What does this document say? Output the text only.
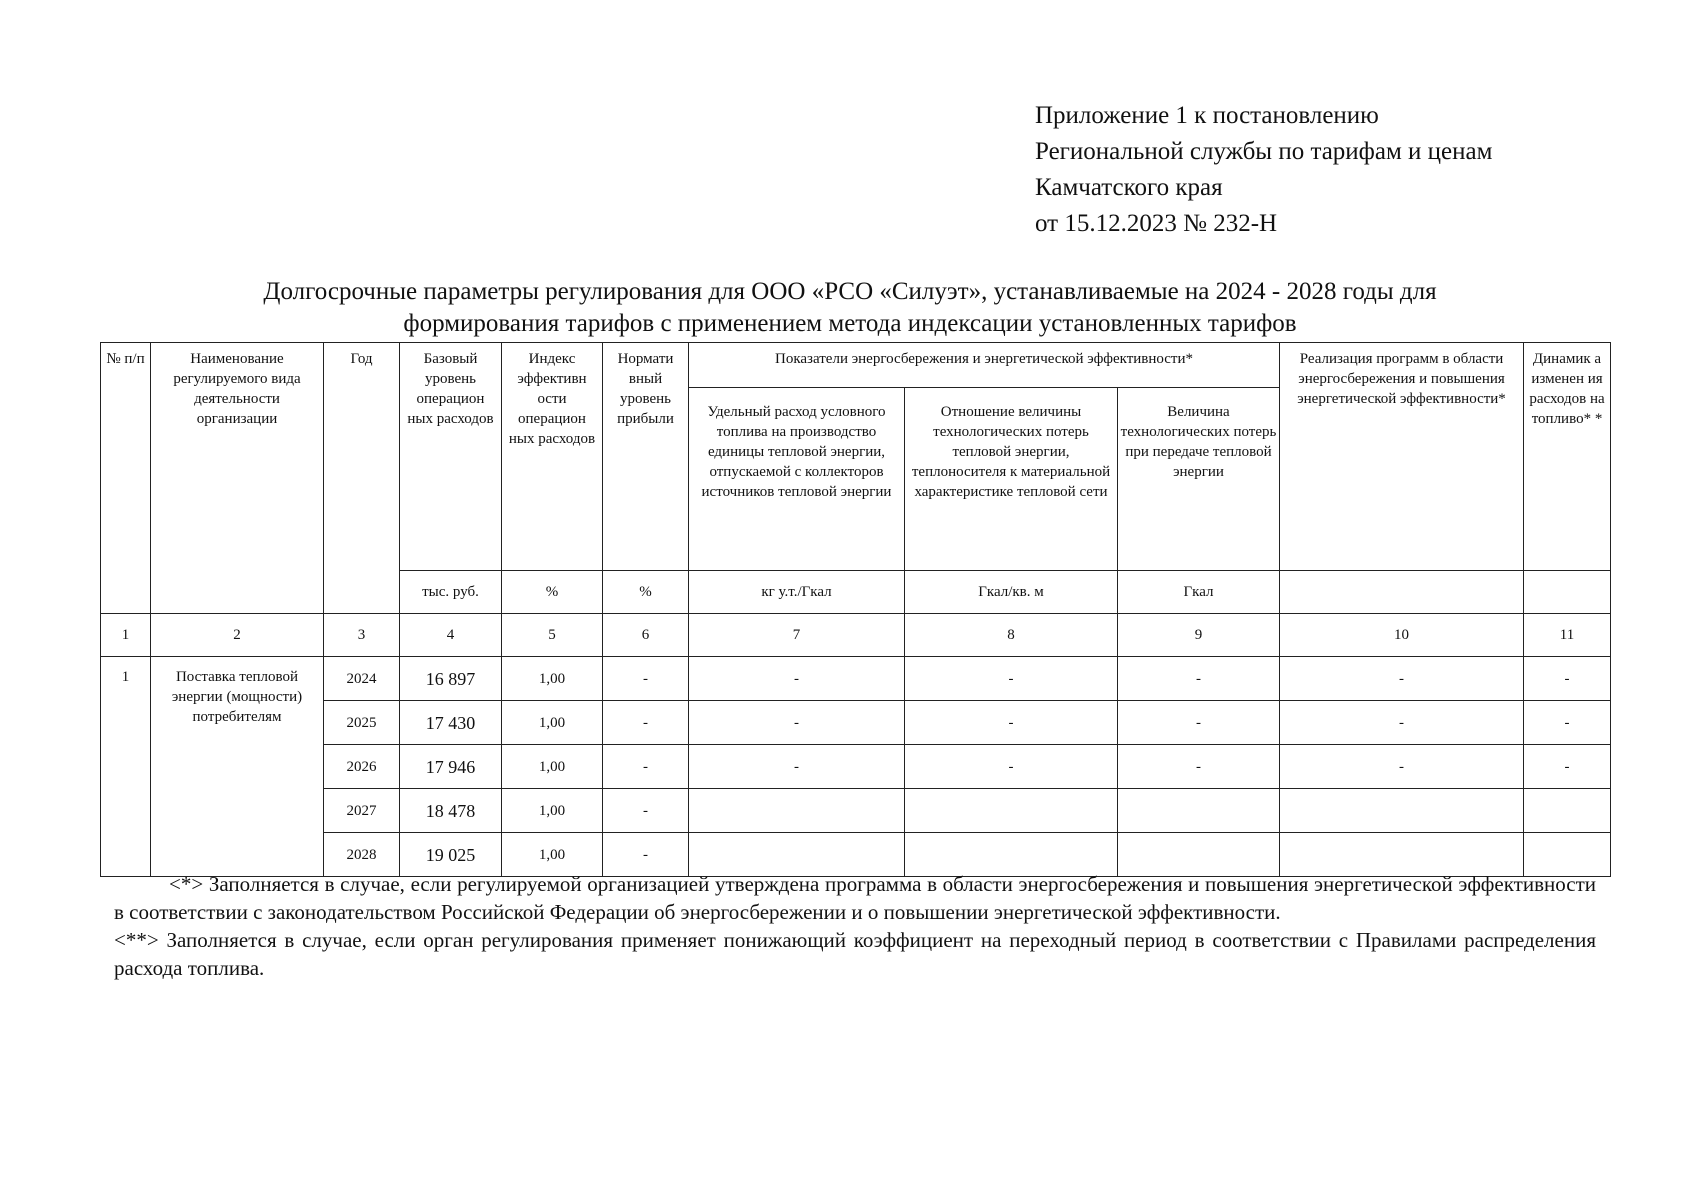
Приложение 1 к постановлению
Региональной службы по тарифам и ценам
Камчатского края
от 15.12.2023 № 232-Н
Долгосрочные параметры регулирования для ООО «РСО «Силуэт», устанавливаемые на 2024 - 2028 годы для
формирования тарифов с применением метода индексации установленных тарифов
№ п/п	Наименование регулируемого вида деятельности организации	Год	Базовый уровень операцион ных расходов	Индекс эффективн ости операцион ных расходов	Нормати вный уровень прибыли	Показатели энергосбережения и энергетической эффективности*			Реализация программ в области энергосбережения и повышения энергетической эффективности*	Динамик а изменен ия расходов на топливо* *
						Удельный расход условного топлива на производство единицы тепловой энергии, отпускаемой с коллекторов источников тепловой энергии	Отношение величины технологических потерь тепловой энергии, теплоносителя к материальной характеристике тепловой сети	Величина технологических потерь при передаче тепловой энергии		
			тыс. руб.	%	%	кг у.т./Гкал	Гкал/кв. м	Гкал		
1	2	3	4	5	6	7	8	9	10	11
1	Поставка тепловой энергии (мощности) потребителям	2024	16 897	1,00	-	-	-	-	-	-
		2025	17 430	1,00	-	-	-	-	-	-
		2026	17 946	1,00	-	-	-	-	-	-
		2027	18 478	1,00	-					
		2028	19 025	1,00	-					

<*> Заполняется в случае, если регулируемой организацией утверждена программа в области энергосбережения и повышения энергетической эффективности в соответствии с законодательством Российской Федерации об энергосбережении и о повышении энергетической эффективности.

<**> Заполняется в случае, если орган регулирования применяет понижающий коэффициент на переходный период в соответствии с Правилами распределения расхода топлива.
